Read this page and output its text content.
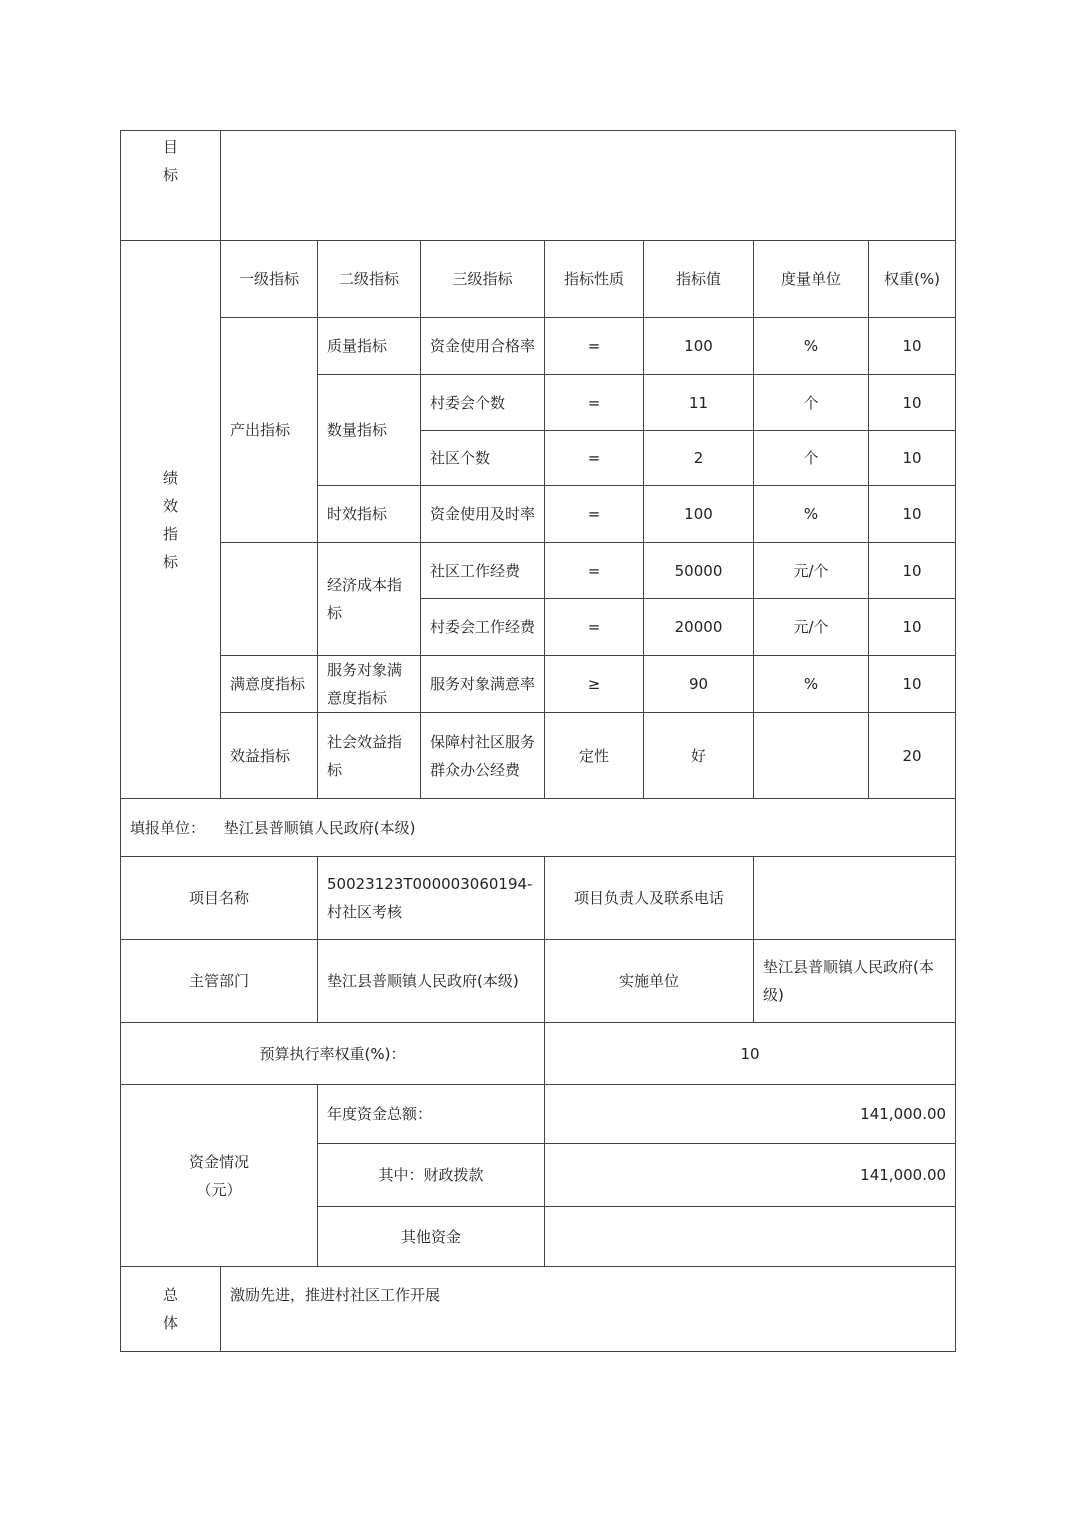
目
标							

绩
效
指
标	一级指标	二级指标	三级指标	指标性质	指标值	度量单位	权重(%)
	产出指标	质量指标	资金使用合格率	=	100	%	10
		数量指标	村委会个数	=	11	个	10
			社区个数	=	2	个	10
		时效指标	资金使用及时率	=	100	%	10
		经济成本指标	社区工作经费	=	50000	元/个	10
			村委会工作经费	=	20000	元/个	10
	满意度指标	服务对象满意度指标	服务对象满意率	≥	90	%	10
	效益指标	社会效益指标	保障村社区服务群众办公经费	定性	好		20
填报单位： 垫江县普顺镇人民政府(本级)				
项目名称		50023123T000003060194-村社区考核	项目负责人及联系电话	
主管部门		垫江县普顺镇人民政府(本级)	实施单位	垫江县普顺镇人民政府(本级)
预算执行率权重(%)：			10	

资金情况
（元）		年度资金总额：	141,000.00	
		其中：财政拨款	141,000.00	
		其他资金		

总
体	激励先进，推进村社区工作开展			
